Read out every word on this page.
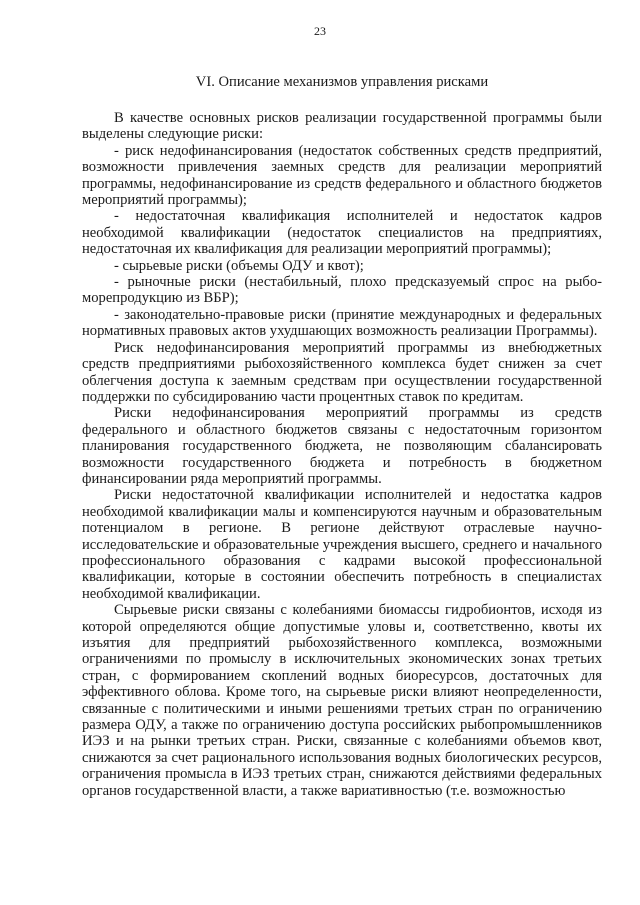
23
VI. Описание механизмов управления рисками

В качестве основных рисков реализации государственной программы были выделены следующие риски:

- риск недофинансирования (недостаток собственных средств предприятий, возможности привлечения заемных средств для реализации мероприятий программы, недофинансирование из средств федерального и областного бюджетов мероприятий программы);

- недостаточная квалификация исполнителей и недостаток кадров необходимой квалификации (недостаток специалистов на предприятиях, недостаточная их квалификация для реализации мероприятий программы);

- сырьевые риски (объемы ОДУ и квот);

- рыночные риски (нестабильный, плохо предсказуемый спрос на рыбо-морепродукцию из ВБР);

- законодательно-правовые риски (принятие международных и федеральных нормативных правовых актов ухудшающих возможность реализации Программы).

Риск недофинансирования мероприятий программы из внебюджетных средств предприятиями рыбохозяйственного комплекса будет снижен за счет облегчения доступа к заемным средствам при осуществлении государственной поддержки по субсидированию части процентных ставок по кредитам.

Риски недофинансирования мероприятий программы из средств федерального и областного бюджетов связаны с недостаточным горизонтом планирования государственного бюджета, не позволяющим сбалансировать возможности государственного бюджета и потребность в бюджетном финансировании ряда мероприятий программы.

Риски недостаточной квалификации исполнителей и недостатка кадров необходимой квалификации малы и компенсируются научным и образовательным потенциалом в регионе. В регионе действуют отраслевые научно-исследовательские и образовательные учреждения высшего, среднего и начального профессионального образования с кадрами высокой профессиональной квалификации, которые в состоянии обеспечить потребность в специалистах необходимой квалификации.

Сырьевые риски связаны с колебаниями биомассы гидробионтов, исходя из которой определяются общие допустимые уловы и, соответственно, квоты их изъятия для предприятий рыбохозяйственного комплекса, возможными ограничениями по промыслу в исключительных экономических зонах третьих стран, с формированием скоплений водных биоресурсов, достаточных для эффективного облова. Кроме того, на сырьевые риски влияют неопределенности, связанные с политическими и иными решениями третьих стран по ограничению размера ОДУ, а также по ограничению доступа российских рыбопромышленников ИЭЗ и на рынки третьих стран. Риски, связанные с колебаниями объемов квот, снижаются за счет рационального использования водных биологических ресурсов, ограничения промысла в ИЭЗ третьих стран, снижаются действиями федеральных органов государственной власти, а также вариативностью (т.е. возможностью
